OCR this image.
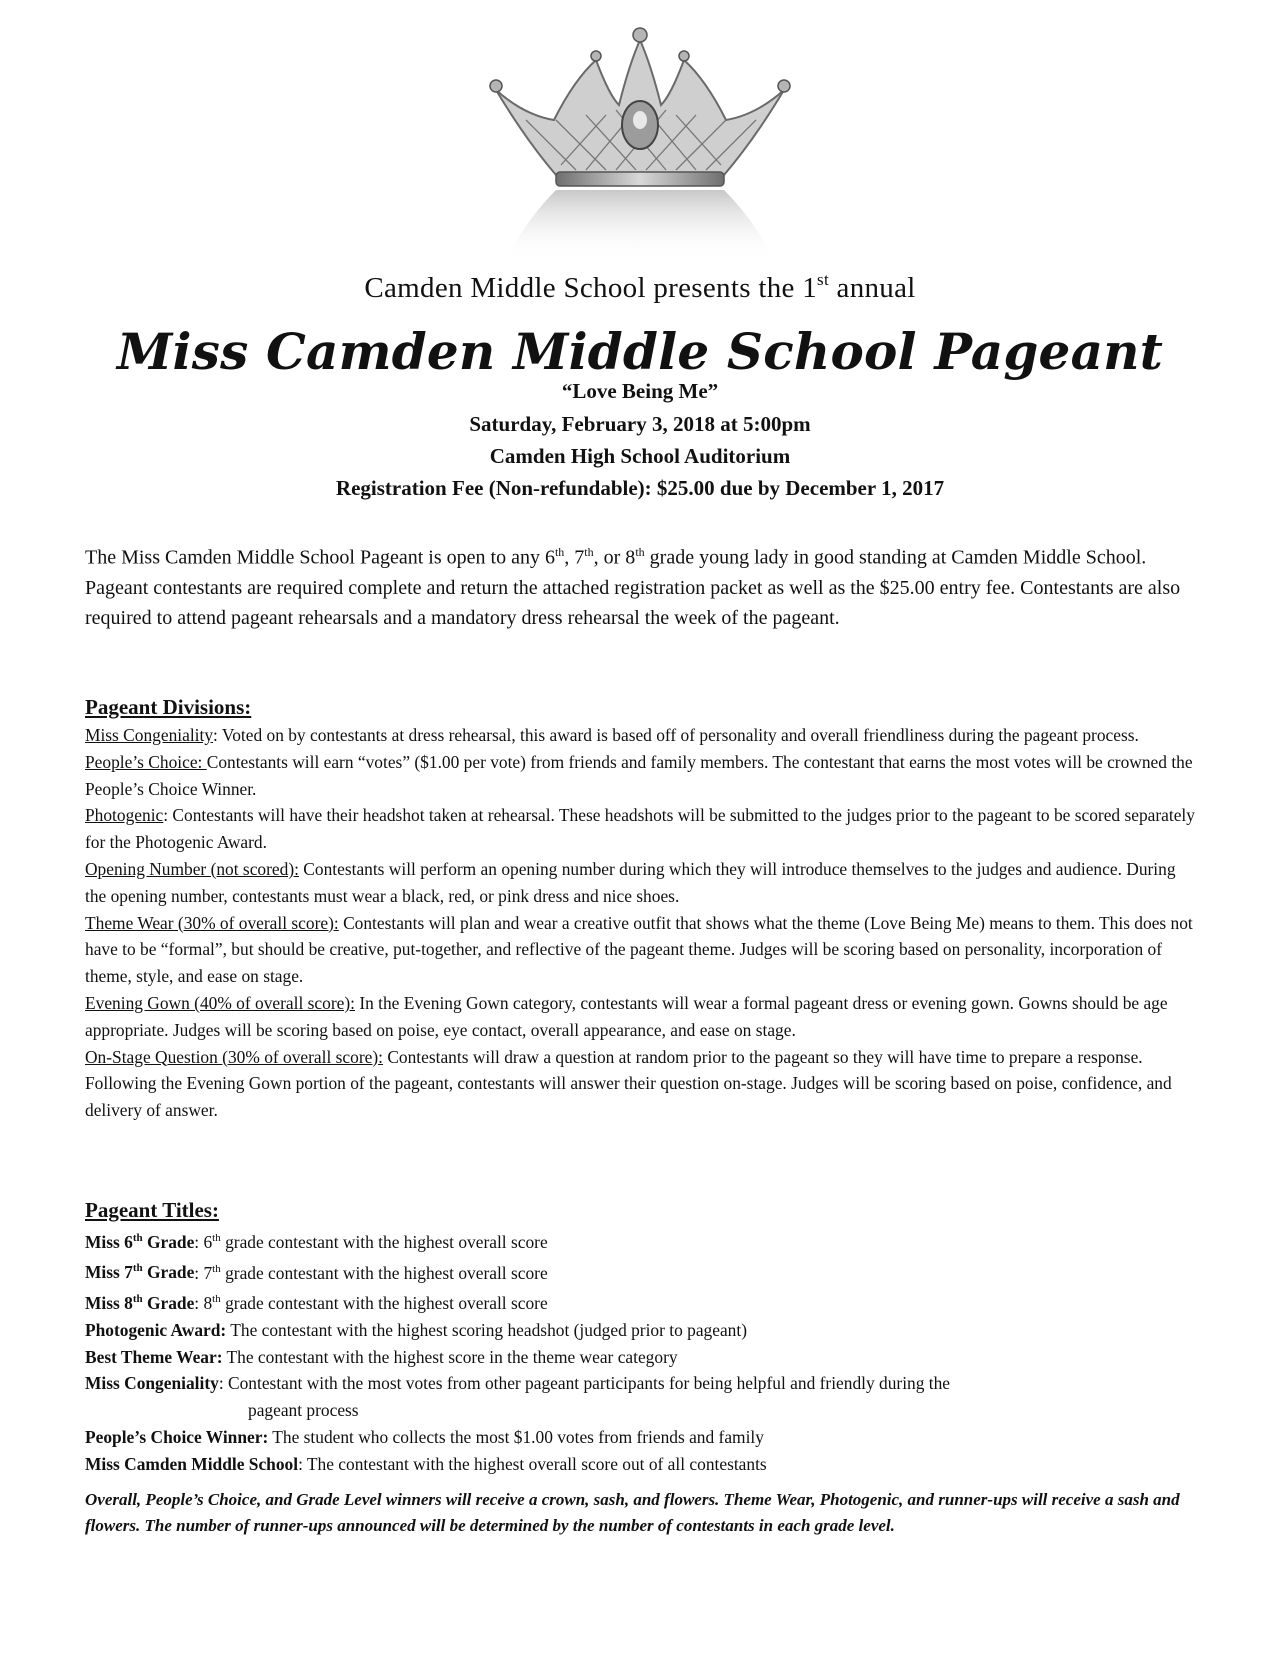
Camden Middle School presents the 1st annual
Miss Camden Middle School Pageant
“Love Being Me”
Saturday, February 3, 2018 at 5:00pm
Camden High School Auditorium
Registration Fee (Non-refundable): $25.00 due by December 1, 2017
The Miss Camden Middle School Pageant is open to any 6th, 7th, or 8th grade young lady in good standing at Camden Middle School. Pageant contestants are required complete and return the attached registration packet as well as the $25.00 entry fee. Contestants are also required to attend pageant rehearsals and a mandatory dress rehearsal the week of the pageant.
Pageant Divisions:

Miss Congeniality: Voted on by contestants at dress rehearsal, this award is based off of personality and overall friendliness during the pageant process.

People’s Choice: Contestants will earn “votes” ($1.00 per vote) from friends and family members. The contestant that earns the most votes will be crowned the People’s Choice Winner.

Photogenic: Contestants will have their headshot taken at rehearsal. These headshots will be submitted to the judges prior to the pageant to be scored separately for the Photogenic Award.

Opening Number (not scored): Contestants will perform an opening number during which they will introduce themselves to the judges and audience. During the opening number, contestants must wear a black, red, or pink dress and nice shoes.

Theme Wear (30% of overall score): Contestants will plan and wear a creative outfit that shows what the theme (Love Being Me) means to them. This does not have to be “formal”, but should be creative, put-together, and reflective of the pageant theme. Judges will be scoring based on personality, incorporation of theme, style, and ease on stage.

Evening Gown (40% of overall score): In the Evening Gown category, contestants will wear a formal pageant dress or evening gown. Gowns should be age appropriate. Judges will be scoring based on poise, eye contact, overall appearance, and ease on stage.

On-Stage Question (30% of overall score): Contestants will draw a question at random prior to the pageant so they will have time to prepare a response. Following the Evening Gown portion of the pageant, contestants will answer their question on-stage. Judges will be scoring based on poise, confidence, and delivery of answer.

Pageant Titles:
Miss 6th Grade: 6th grade contestant with the highest overall score
Miss 7th Grade: 7th grade contestant with the highest overall score
Miss 8th Grade: 8th grade contestant with the highest overall score
Photogenic Award: The contestant with the highest scoring headshot (judged prior to pageant)
Best Theme Wear: The contestant with the highest score in the theme wear category
Miss Congeniality: Contestant with the most votes from other pageant participants for being helpful and friendly during the
pageant process
People’s Choice Winner: The student who collects the most $1.00 votes from friends and family
Miss Camden Middle School: The contestant with the highest overall score out of all contestants
Overall, People’s Choice, and Grade Level winners will receive a crown, sash, and flowers. Theme Wear, Photogenic, and runner-ups will receive a sash and flowers. The number of runner-ups announced will be determined by the number of contestants in each grade level.
